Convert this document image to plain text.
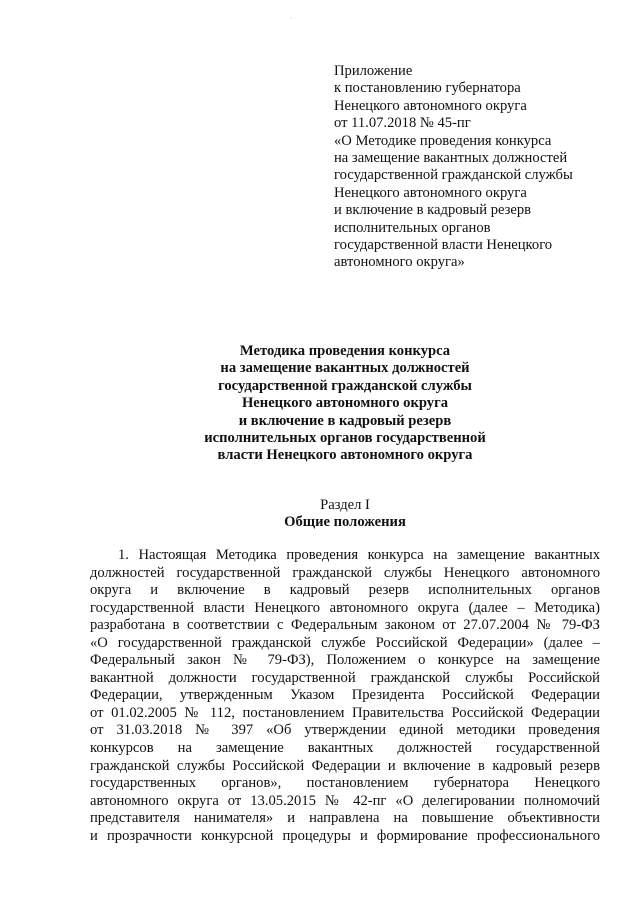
·
Приложение
к постановлению губернатора
Ненецкого автономного округа
от 11.07.2018 № 45-пг
«О Методике проведения конкурса
на замещение вакантных должностей
государственной гражданской службы
Ненецкого автономного округа
и включение в кадровый резерв
исполнительных органов
государственной власти Ненецкого
автономного округа»
Методика проведения конкурса
на замещение вакантных должностей
государственной гражданской службы
Ненецкого автономного округа
и включение в кадровый резерв
исполнительных органов государственной
власти Ненецкого автономного округа
Раздел I
Общие положения
1. Настоящая Методика проведения конкурса на замещение вакантных
должностей государственной гражданской службы Ненецкого автономного
округа и включение в кадровый резерв исполнительных органов
государственной власти Ненецкого автономного округа (далее – Методика)
разработана в соответствии с Федеральным законом от 27.07.2004 № 79-ФЗ
«О государственной гражданской службе Российской Федерации» (далее –
Федеральный закон № 79-ФЗ), Положением о конкурсе на замещение
вакантной должности государственной гражданской службы Российской
Федерации, утвержденным Указом Президента Российской Федерации
от 01.02.2005 № 112, постановлением Правительства Российской Федерации
от 31.03.2018 № 397 «Об утверждении единой методики проведения
конкурсов на замещение вакантных должностей государственной
гражданской службы Российской Федерации и включение в кадровый резерв
государственных органов», постановлением губернатора Ненецкого
автономного округа от 13.05.2015 № 42-пг «О делегировании полномочий
представителя нанимателя» и направлена на повышение объективности
и прозрачности конкурсной процедуры и формирование профессионального
